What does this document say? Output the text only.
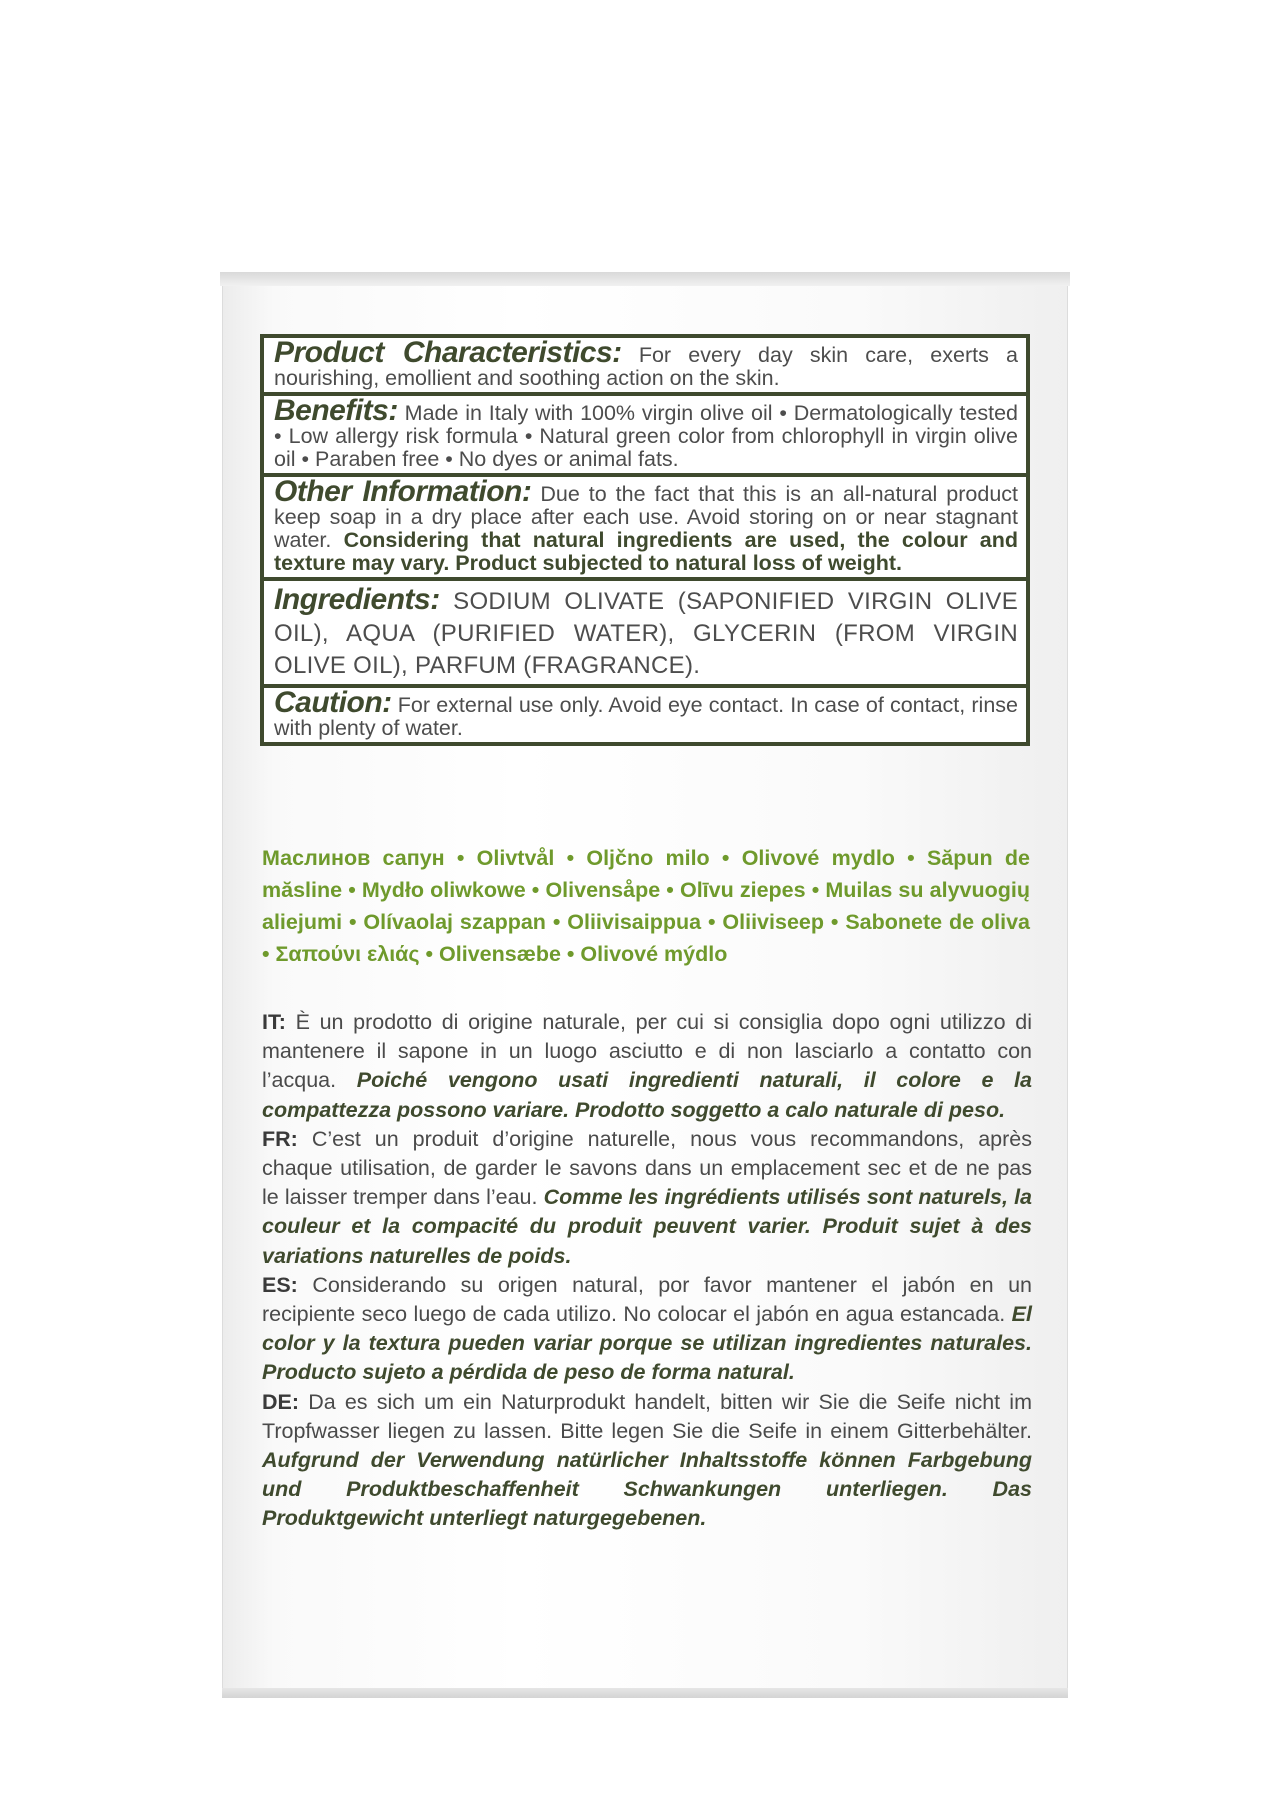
Product Characteristics: For every day skin care, exerts a nourishing, emollient and soothing action on the skin.
Benefits: Made in Italy with 100% virgin olive oil • Dermatologically tested • Low allergy risk formula • Natural green color from chlorophyll in virgin olive oil • Paraben free • No dyes or animal fats.
Other Information: Due to the fact that this is an all-natural product keep soap in a dry place after each use. Avoid storing on or near stagnant water. Considering that natural ingredients are used, the colour and texture may vary. Product subjected to natural loss of weight.
Ingredients: SODIUM OLIVATE (SAPONIFIED VIRGIN OLIVE OIL), AQUA (PURIFIED WATER), GLYCERIN (FROM VIRGIN OLIVE OIL), PARFUM (FRAGRANCE).
Caution: For external use only. Avoid eye contact. In case of contact, rinse with plenty of water.
Маслинов сапун • Olivtvål • Oljčno milo • Olivové mydlo • Săpun de măsline • Mydło oliwkowe • Olivensåpe • Olīvu ziepes • Muilas su alyvuogių aliejumi • Olívaolaj szappan • Oliivisaippua • Oliiviseep • Sabonete de oliva • Σαπούνι ελιάς • Olivensæbe • Olivové mýdlo

IT: È un prodotto di origine naturale, per cui si consiglia dopo ogni utilizzo di mantenere il sapone in un luogo asciutto e di non lasciarlo a contatto con l’acqua. Poiché vengono usati ingredienti naturali, il colore e la compattezza possono variare. Prodotto soggetto a calo naturale di peso.

FR: C’est un produit d’origine naturelle, nous vous recommandons, après chaque utilisation, de garder le savons dans un emplacement sec et de ne pas le laisser tremper dans l’eau. Comme les ingrédients utilisés sont naturels, la couleur et la compacité du produit peuvent varier. Produit sujet à des variations naturelles de poids.

ES: Considerando su origen natural, por favor mantener el jabón en un recipiente seco luego de cada utilizo. No colocar el jabón en agua estancada. El color y la textura pueden variar porque se utilizan ingredientes naturales. Producto sujeto a pérdida de peso de forma natural.

DE: Da es sich um ein Naturprodukt handelt, bitten wir Sie die Seife nicht im Tropfwasser liegen zu lassen. Bitte legen Sie die Seife in einem Gitterbehälter. Aufgrund der Verwendung natürlicher Inhaltsstoffe können Farbgebung und Produktbeschaffenheit Schwankungen unterliegen. Das Produktgewicht unterliegt naturgegebenen.
